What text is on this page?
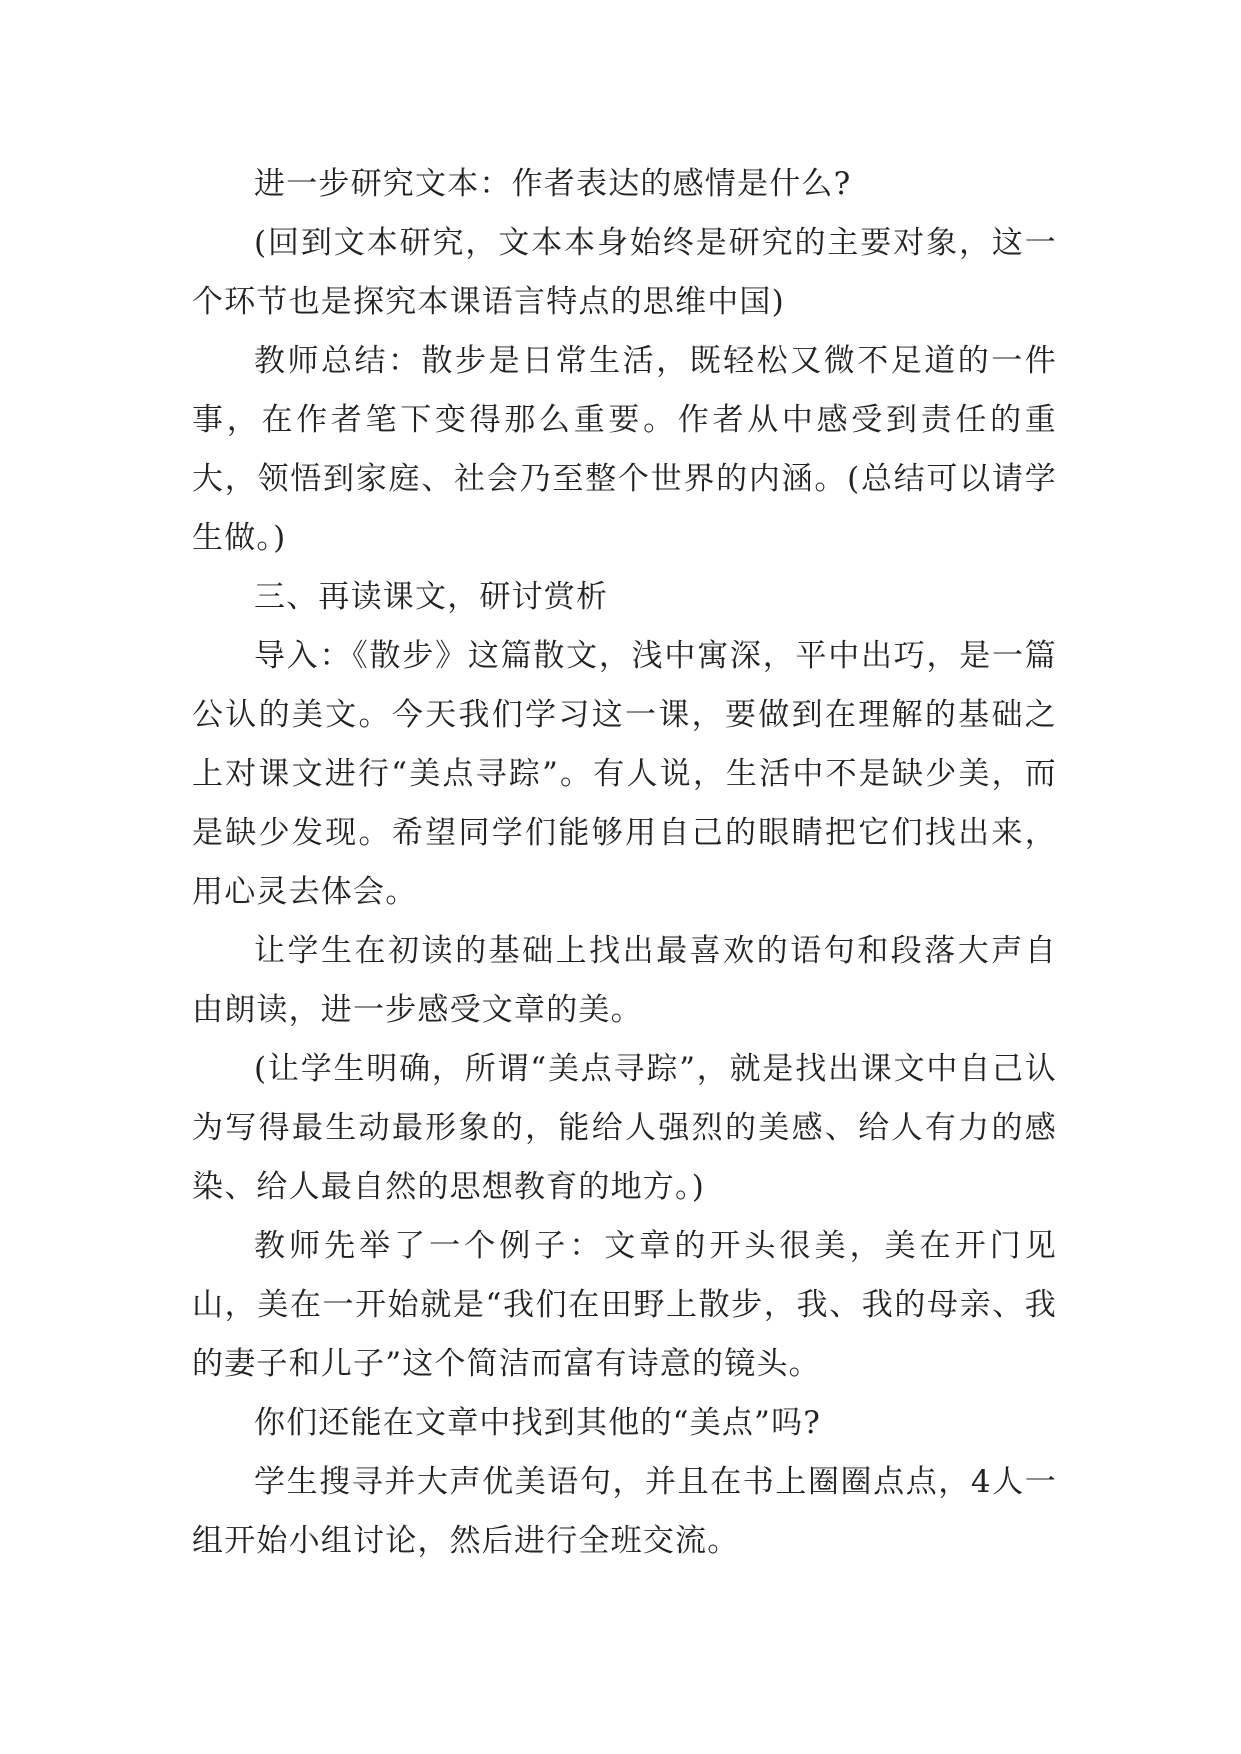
进一步研究文本：作者表达的感情是什么?

(回到文本研究，文本本身始终是研究的主要对象，这一个环节也是探究本课语言特点的思维中国)

教师总结：散步是日常生活，既轻松又微不足道的一件事，在作者笔下变得那么重要。作者从中感受到责任的重大，领悟到家庭、社会乃至整个世界的内涵。(总结可以请学生做。)

三、再读课文，研讨赏析

导入：《散步》这篇散文，浅中寓深，平中出巧，是一篇公认的美文。今天我们学习这一课，要做到在理解的基础之上对课文进行“美点寻踪”。有人说，生活中不是缺少美，而是缺少发现。希望同学们能够用自己的眼睛把它们找出来，用心灵去体会。

让学生在初读的基础上找出最喜欢的语句和段落大声自由朗读，进一步感受文章的美。

(让学生明确，所谓“美点寻踪”，就是找出课文中自己认为写得最生动最形象的，能给人强烈的美感、给人有力的感染、给人最自然的思想教育的地方。)

教师先举了一个例子：文章的开头很美，美在开门见山，美在一开始就是“我们在田野上散步，我、我的母亲、我的妻子和儿子”这个简洁而富有诗意的镜头。

你们还能在文章中找到其他的“美点”吗?

学生搜寻并大声优美语句，并且在书上圈圈点点，4人一组开始小组讨论，然后进行全班交流。
